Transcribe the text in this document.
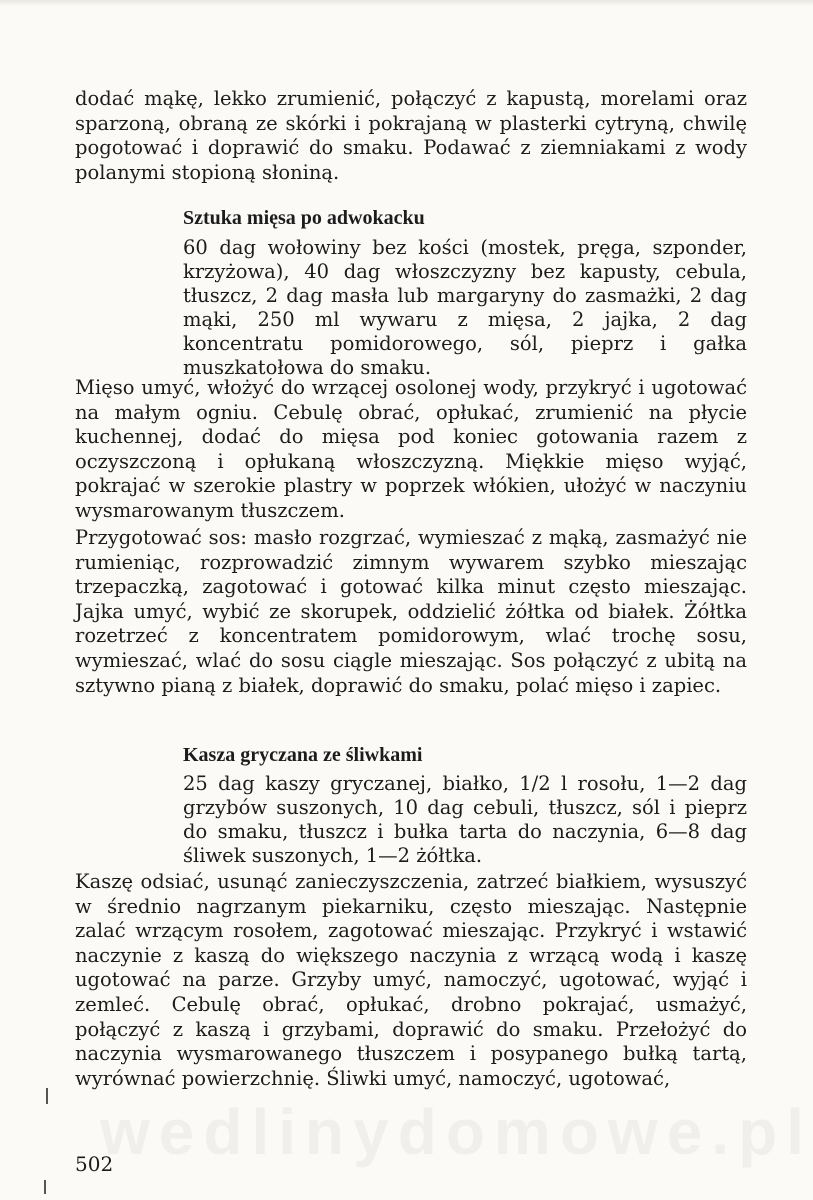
dodać mąkę, lekko zrumienić, połączyć z kapustą, morelami oraz sparzoną, obraną ze skórki i pokrajaną w plasterki cytryną, chwilę pogotować i doprawić do smaku. Podawać z ziemniakami z wody polanymi stopioną słoniną.

Sztuka mięsa po adwokacku

60 dag wołowiny bez kości (mostek, pręga, szponder, krzyżowa), 40 dag włoszczyzny bez kapusty, cebula, tłuszcz, 2 dag masła lub margaryny do zasmażki, 2 dag mąki, 250 ml wywaru z mięsa, 2 jajka, 2 dag koncentratu pomidorowego, sól, pieprz i gałka muszkatołowa do smaku.

Mięso umyć, włożyć do wrzącej osolonej wody, przykryć i ugotować na małym ogniu. Cebulę obrać, opłukać, zrumienić na płycie kuchennej, dodać do mięsa pod koniec gotowania razem z oczyszczoną i opłukaną włoszczyzną. Miękkie mięso wyjąć, pokrajać w szerokie plastry w poprzek włókien, ułożyć w naczyniu wysmarowanym tłuszczem.

Przygotować sos: masło rozgrzać, wymieszać z mąką, zasmażyć nie rumieniąc, rozprowadzić zimnym wywarem szybko mieszając trzepaczką, zagotować i gotować kilka minut często mieszając. Jajka umyć, wybić ze skorupek, oddzielić żółtka od białek. Żółtka rozetrzeć z koncentratem pomidorowym, wlać trochę sosu, wymieszać, wlać do sosu ciągle mieszając. Sos połączyć z ubitą na sztywno pianą z białek, doprawić do smaku, polać mięso i zapiec.

Kasza gryczana ze śliwkami

25 dag kaszy gryczanej, białko, 1/2 l rosołu, 1—2 dag grzybów suszonych, 10 dag cebuli, tłuszcz, sól i pieprz do smaku, tłuszcz i bułka tarta do naczynia, 6—8 dag śliwek suszonych, 1—2 żółtka.

Kaszę odsiać, usunąć zanieczyszczenia, zatrzeć białkiem, wysuszyć w średnio nagrzanym piekarniku, często mieszając. Następnie zalać wrzącym rosołem, zagotować mieszając. Przykryć i wstawić naczynie z kaszą do większego naczynia z wrzącą wodą i kaszę ugotować na parze. Grzyby umyć, namoczyć, ugotować, wyjąć i zemleć. Cebulę obrać, opłukać, drobno pokrajać, usmażyć, połączyć z kaszą i grzybami, doprawić do smaku. Przełożyć do naczynia wysmarowanego tłuszczem i posypanego bułką tartą, wyrównać powierzchnię. Śliwki umyć, namoczyć, ugotować,

502
